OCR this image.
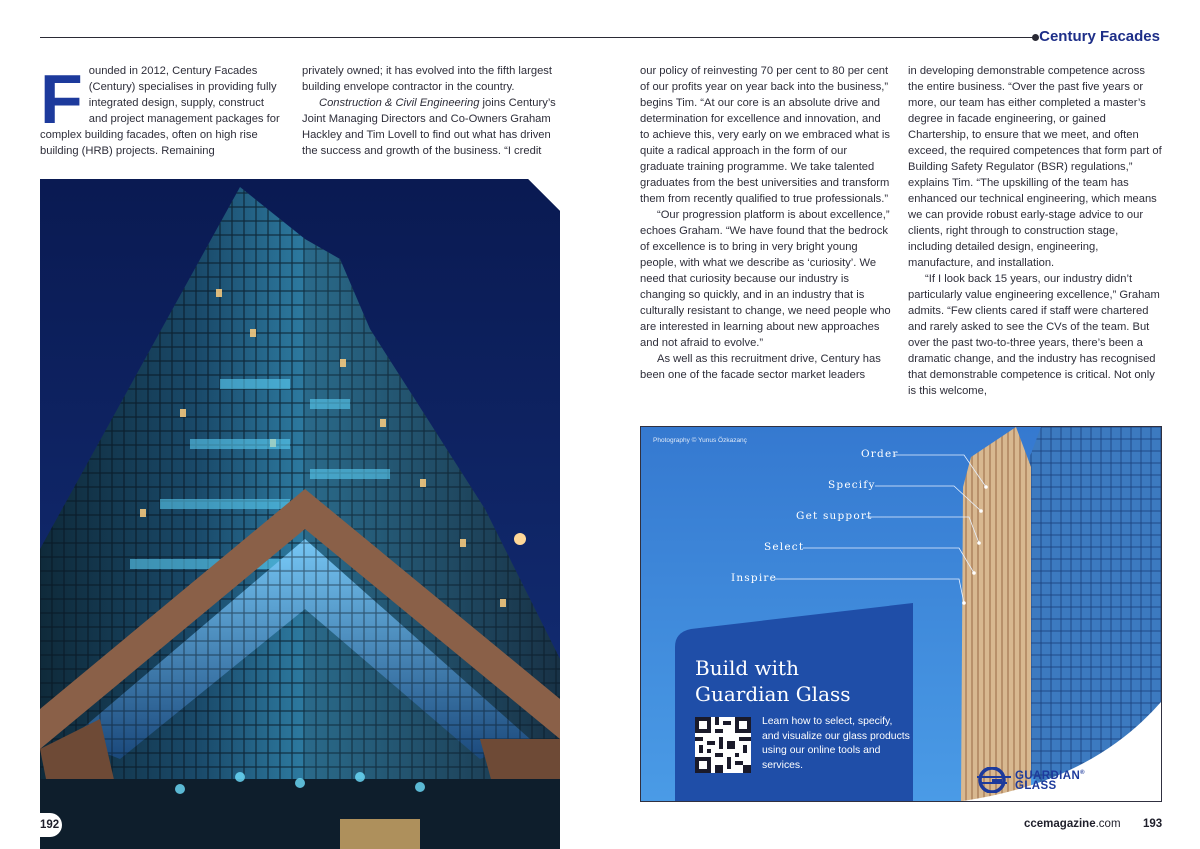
Century Facades

Founded in 2012, Century Facades (Century) specialises in providing fully integrated design, supply, construct and project management packages for complex building facades, often on high rise building (HRB) projects. Remaining

privately owned; it has evolved into the fifth largest building envelope contractor in the country.

Construction & Civil Engineering joins Century’s Joint Managing Directors and Co-Owners Graham Hackley and Tim Lovell to find out what has driven the success and growth of the business. “I credit

our policy of reinvesting 70 per cent to 80 per cent of our profits year on year back into the business,” begins Tim. “At our core is an absolute drive and determination for excellence and innovation, and to achieve this, very early on we embraced what is quite a radical approach in the form of our graduate training programme. We take talented graduates from the best universities and transform them from recently qualified to true professionals.”

“Our progression platform is about excellence,” echoes Graham. “We have found that the bedrock of excellence is to bring in very bright young people, with what we describe as ‘curiosity’. We need that curiosity because our industry is changing so quickly, and in an industry that is culturally resistant to change, we need people who are interested in learning about new approaches and not afraid to evolve.”

As well as this recruitment drive, Century has been one of the facade sector market leaders

in developing demonstrable competence across the entire business. “Over the past five years or more, our team has either completed a master’s degree in facade engineering, or gained Chartership, to ensure that we meet, and often exceed, the required competences that form part of Building Safety Regulator (BSR) regulations,” explains Tim. “The upskilling of the team has enhanced our technical engineering, which means we can provide robust early-stage advice to our clients, right through to construction stage, including detailed design, engineering, manufacture, and installation.

“If I look back 15 years, our industry didn’t particularly value engineering excellence,” Graham admits. “Few clients cared if staff were chartered and rarely asked to see the CVs of the team. But over the past two-to-three years, there’s been a dramatic change, and the industry has recognised that demonstrable competence is critical. Not only is this welcome,

192
Photography © Yunus Özkazanç
Order
Specify
Get support
Select
Inspire
Build with
Guardian Glass
Learn how to select, specify, and visualize our glass products using our online tools and services.
GUARDIAN®
GLASS
ccemagazine.com 193
